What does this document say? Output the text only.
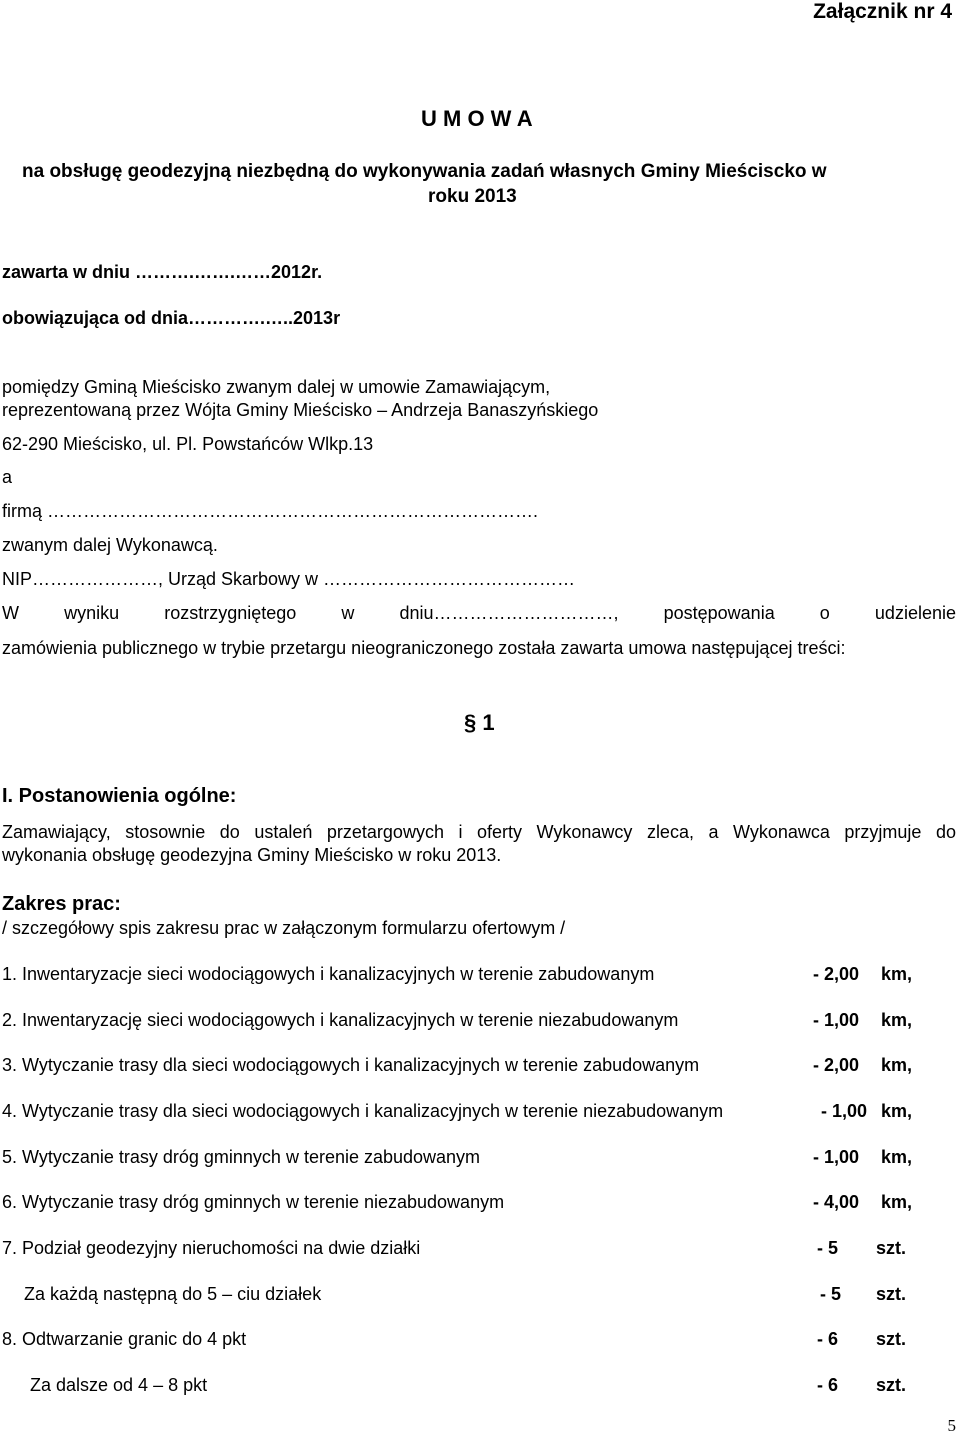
Załącznik nr 4
U M O W A
na obsługę geodezyjną niezbędną do wykonywania zadań własnych Gminy Mieściscko w
roku 2013
zawarta w dniu ……….…….……2012r.
obowiązująca od dnia………….…..2013r
pomiędzy Gminą Mieścisko zwanym dalej w umowie Zamawiającym,
reprezentowaną przez Wójta Gminy Mieścisko – Andrzeja Banaszyńskiego
62-290 Mieścisko, ul. Pl. Powstańców Wlkp.13
a
firmą ……………………………………………………………………….
zwanym dalej Wykonawcą.
NIP…………………, Urząd Skarbowy w ……………………………………
W wyniku rozstrzygniętego w dniu…………………………, postępowania o udzielenie
zamówienia publicznego w trybie przetargu nieograniczonego została zawarta umowa następującej treści:
§ 1
I. Postanowienia ogólne:
Zamawiający, stosownie do ustaleń przetargowych i oferty Wykonawcy zleca, a Wykonawca przyjmuje do
wykonania obsługę geodezyjna Gminy Mieścisko w roku 2013.
Zakres prac:
/ szczegółowy spis zakresu prac w załączonym formularzu ofertowym /
1. Inwentaryzacje sieci wodociągowych i kanalizacyjnych w terenie zabudowanym	- 2,00 km,
2. Inwentaryzację sieci wodociągowych i kanalizacyjnych w terenie niezabudowanym	- 1,00 km,
3. Wytyczanie trasy dla sieci wodociągowych i kanalizacyjnych w terenie zabudowanym	- 2,00 km,
4. Wytyczanie trasy dla sieci wodociągowych i kanalizacyjnych w terenie niezabudowanym	- 1,00 km,
5. Wytyczanie trasy dróg gminnych w terenie zabudowanym	- 1,00 km,
6. Wytyczanie trasy dróg gminnych w terenie niezabudowanym	- 4,00 km,
7. Podział geodezyjny nieruchomości na dwie działki	- 5 szt.
Za każdą następną do 5 – ciu działek	- 5 szt.
8. Odtwarzanie granic do 4 pkt	- 6 szt.
Za dalsze od 4 – 8 pkt	- 6 szt.
5
